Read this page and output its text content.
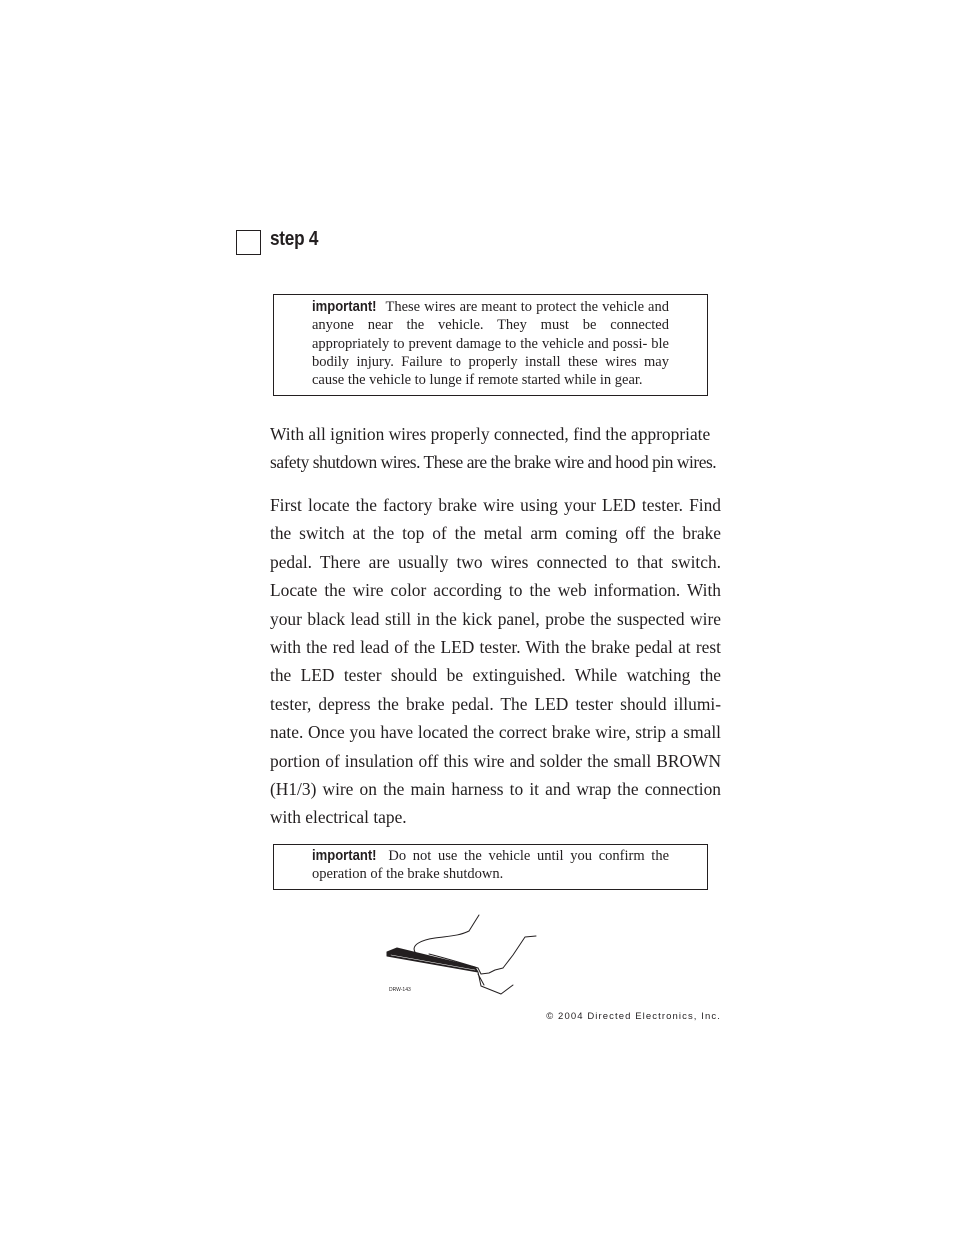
step 4
important! These wires are meant to protect the vehicle and anyone near the vehicle. They must be connected appropriately to prevent damage to the vehicle and possi- ble bodily injury. Failure to properly install these wires may cause the vehicle to lunge if remote started while in gear.
With all ignition wires properly connected, find the appropriate
safety shutdown wires. These are the brake wire and hood pin wires.

First locate the factory brake wire using your LED tester. Find the switch at the top of the metal arm coming off the brake pedal. There are usually two wires connected to that switch. Locate the wire color according to the web information. With your black lead still in the kick panel, probe the suspected wire with the red lead of the LED tester. With the brake pedal at rest the LED tester should be extinguished. While watching the tester, depress the brake pedal. The LED tester should illumi- nate. Once you have located the correct brake wire, strip a small portion of insulation off this wire and solder the small BROWN (H1/3) wire on the main harness to it and wrap the connection with electrical tape.

important! Do not use the vehicle until you confirm the operation of the brake shutdown.
DRW-143
© 2004 Directed Electronics, Inc.
